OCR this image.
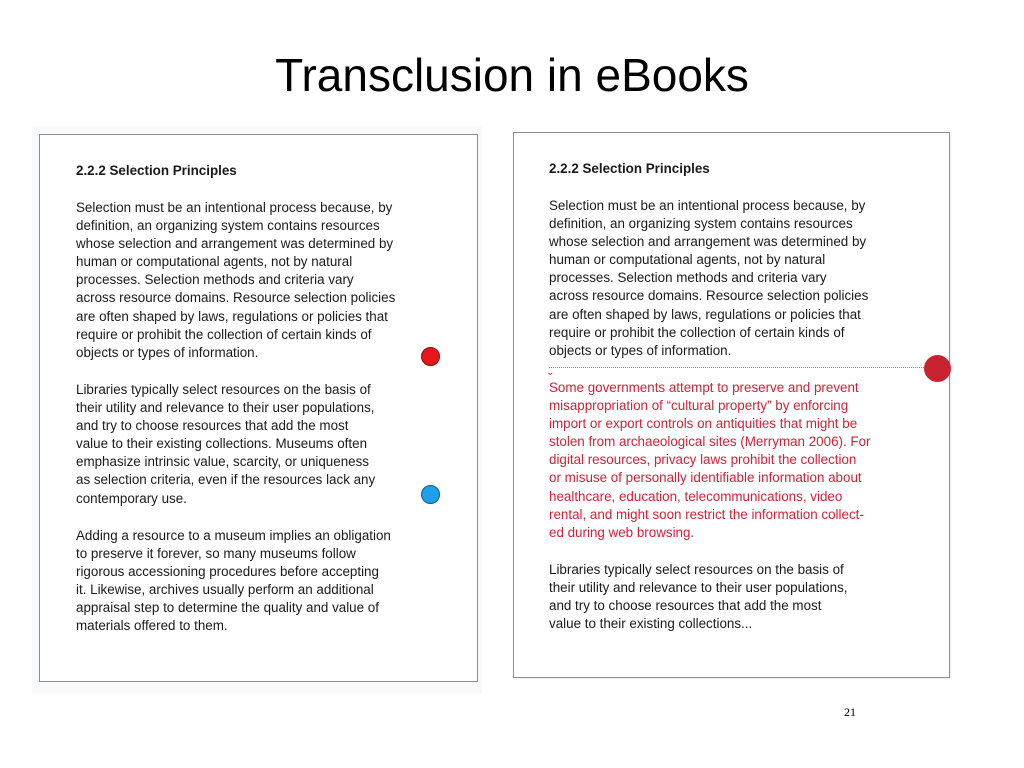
Transclusion in eBooks
2.2.2 Selection Principles
Selection must be an intentional process because, by
definition, an organizing system contains resources
whose selection and arrangement was determined by
human or computational agents, not by natural
processes. Selection methods and criteria vary
across resource domains. Resource selection policies
are often shaped by laws, regulations or policies that
require or prohibit the collection of certain kinds of
objects or types of information.
Libraries typically select resources on the basis of
their utility and relevance to their user populations,
and try to choose resources that add the most
value to their existing collections. Museums often
emphasize intrinsic value, scarcity, or uniqueness
as selection criteria, even if the resources lack any
contemporary use.
Adding a resource to a museum implies an obligation
to preserve it forever, so many museums follow
rigorous accessioning procedures before accepting
it. Likewise, archives usually perform an additional
appraisal step to determine the quality and value of
materials offered to them.
2.2.2 Selection Principles
Selection must be an intentional process because, by
definition, an organizing system contains resources
whose selection and arrangement was determined by
human or computational agents, not by natural
processes. Selection methods and criteria vary
across resource domains. Resource selection policies
are often shaped by laws, regulations or policies that
require or prohibit the collection of certain kinds of
objects or types of information.
⌄
Some governments attempt to preserve and prevent
misappropriation of “cultural property” by enforcing
import or export controls on antiquities that might be
stolen from archaeological sites (Merryman 2006). For
digital resources, privacy laws prohibit the collection
or misuse of personally identifiable information about
healthcare, education, telecommunications, video
rental, and might soon restrict the information collect-
ed during web browsing.
Libraries typically select resources on the basis of
their utility and relevance to their user populations,
and try to choose resources that add the most
value to their existing collections...
21
